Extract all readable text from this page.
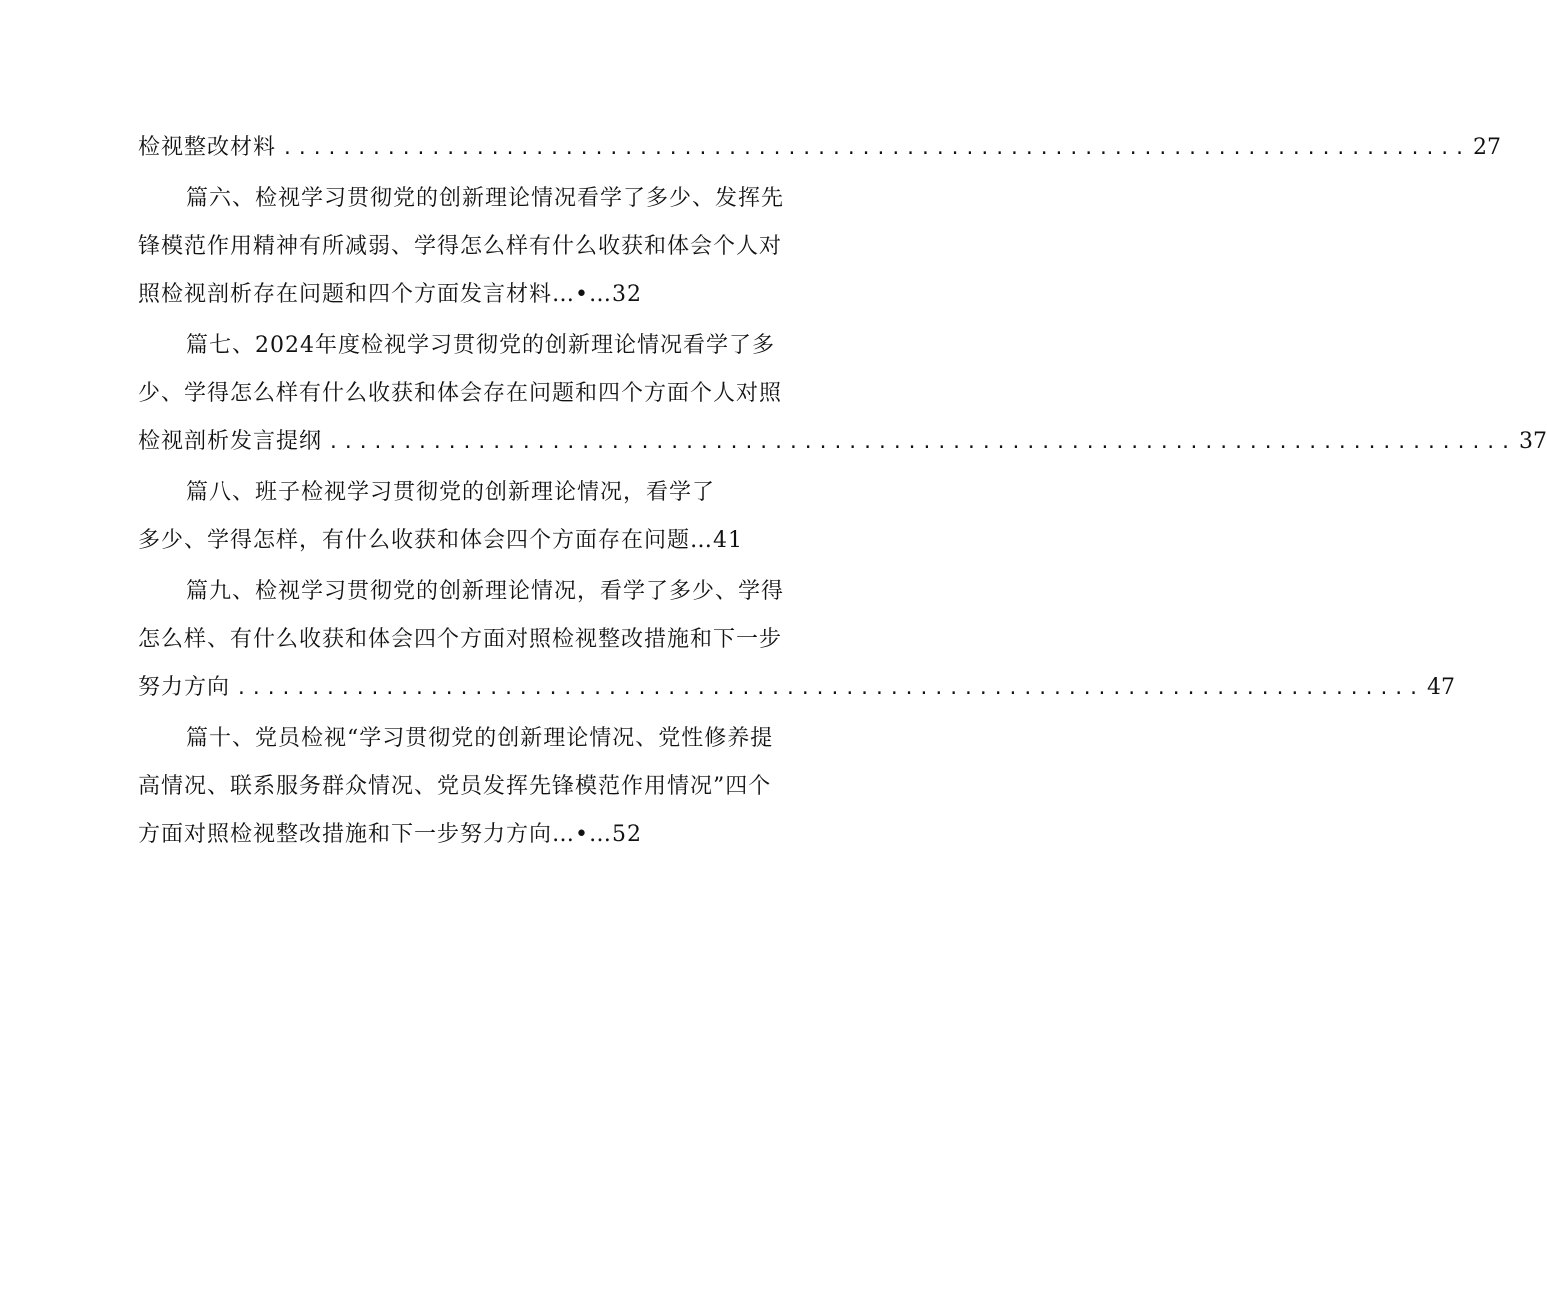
检视整改材料 ................................................................................ 27
篇六、检视学习贯彻党的创新理论情况看学了多少、发挥先
锋模范作用精神有所减弱、学得怎么样有什么收获和体会个人对
照检视剖析存在问题和四个方面发言材料…•…32
篇七、2024年度检视学习贯彻党的创新理论情况看学了多
少、学得怎么样有什么收获和体会存在问题和四个方面个人对照
检视剖析发言提纲 ................................................................................ 37
篇八、班子检视学习贯彻党的创新理论情况，看学了
多少、学得怎样，有什么收获和体会四个方面存在问题…41
篇九、检视学习贯彻党的创新理论情况，看学了多少、学得
怎么样、有什么收获和体会四个方面对照检视整改措施和下一步
努力方向 ................................................................................ 47
篇十、党员检视“学习贯彻党的创新理论情况、党性修养提
高情况、联系服务群众情况、党员发挥先锋模范作用情况”四个
方面对照检视整改措施和下一步努力方向…•…52
